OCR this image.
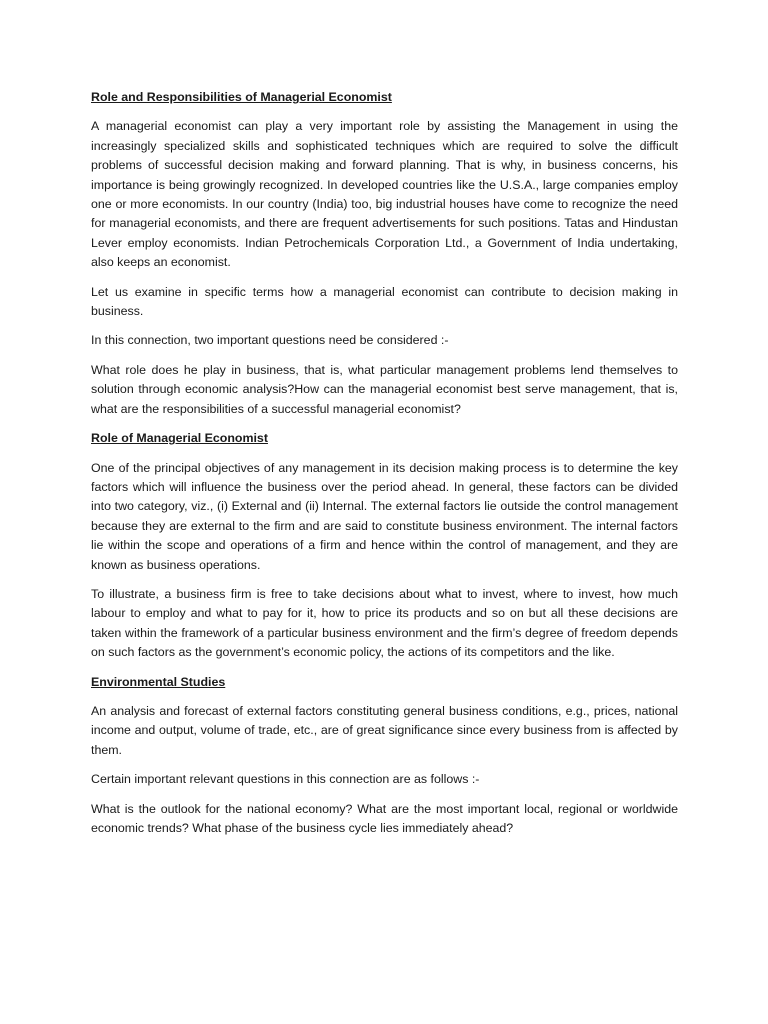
Role and Responsibilities of Managerial Economist

A managerial economist can play a very important role by assisting the Management in using the increasingly specialized skills and sophisticated techniques which are required to solve the difficult problems of successful decision making and forward planning. That is why, in business concerns, his importance is being growingly recognized. In developed countries like the U.S.A., large companies employ one or more economists. In our country (India) too, big industrial houses have come to recognize the need for managerial economists, and there are frequent advertisements for such positions. Tatas and Hindustan Lever employ economists. Indian Petrochemicals Corporation Ltd., a Government of India undertaking, also keeps an economist.

Let us examine in specific terms how a managerial economist can contribute to decision making in business.

In this connection, two important questions need be considered :-

What role does he play in business, that is, what particular management problems lend themselves to solution through economic analysis?How can the managerial economist best serve management, that is, what are the responsibilities of a successful managerial economist?

Role of Managerial Economist

One of the principal objectives of any management in its decision making process is to determine the key factors which will influence the business over the period ahead. In general, these factors can be divided into two category, viz., (i) External and (ii) Internal. The external factors lie outside the control management because they are external to the firm and are said to constitute business environment. The internal factors lie within the scope and operations of a firm and hence within the control of management, and they are known as business operations.

To illustrate, a business firm is free to take decisions about what to invest, where to invest, how much labour to employ and what to pay for it, how to price its products and so on but all these decisions are taken within the framework of a particular business environment and the firm’s degree of freedom depends on such factors as the government’s economic policy, the actions of its competitors and the like.

Environmental Studies

An analysis and forecast of external factors constituting general business conditions, e.g., prices, national income and output, volume of trade, etc., are of great significance since every business from is affected by them.

Certain important relevant questions in this connection are as follows :-

What is the outlook for the national economy? What are the most important local, regional or worldwide economic trends? What phase of the business cycle lies immediately ahead?
